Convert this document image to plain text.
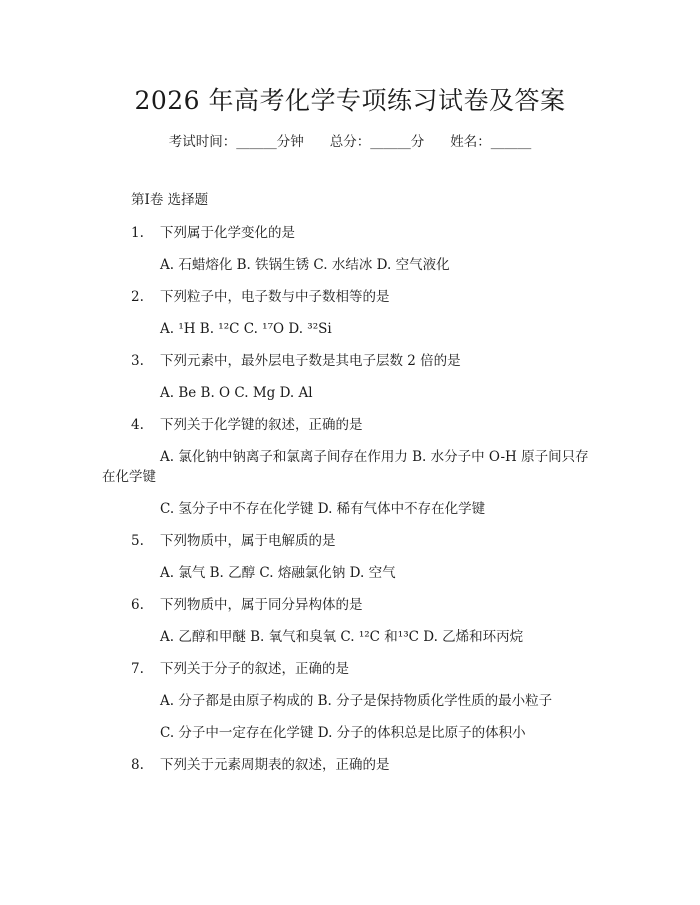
2026 年高考化学专项练习试卷及答案
考试时间：______分钟 总分：______分 姓名：______
第Ⅰ卷 选择题
1. 下列属于化学变化的是
A. 石蜡熔化 B. 铁锅生锈 C. 水结冰 D. 空气液化
2. 下列粒子中，电子数与中子数相等的是
A. ¹H B. ¹²C C. ¹⁷O D. ³²Si
3. 下列元素中，最外层电子数是其电子层数 2 倍的是
A. Be B. O C. Mg D. Al
4. 下列关于化学键的叙述，正确的是
A. 氯化钠中钠离子和氯离子间存在作用力 B. 水分子中 O-H 原子间只存
在化学键
C. 氢分子中不存在化学键 D. 稀有气体中不存在化学键
5. 下列物质中，属于电解质的是
A. 氯气 B. 乙醇 C. 熔融氯化钠 D. 空气
6. 下列物质中，属于同分异构体的是
A. 乙醇和甲醚 B. 氧气和臭氧 C. ¹²C 和¹³C D. 乙烯和环丙烷
7. 下列关于分子的叙述，正确的是
A. 分子都是由原子构成的 B. 分子是保持物质化学性质的最小粒子
C. 分子中一定存在化学键 D. 分子的体积总是比原子的体积小
8. 下列关于元素周期表的叙述，正确的是
